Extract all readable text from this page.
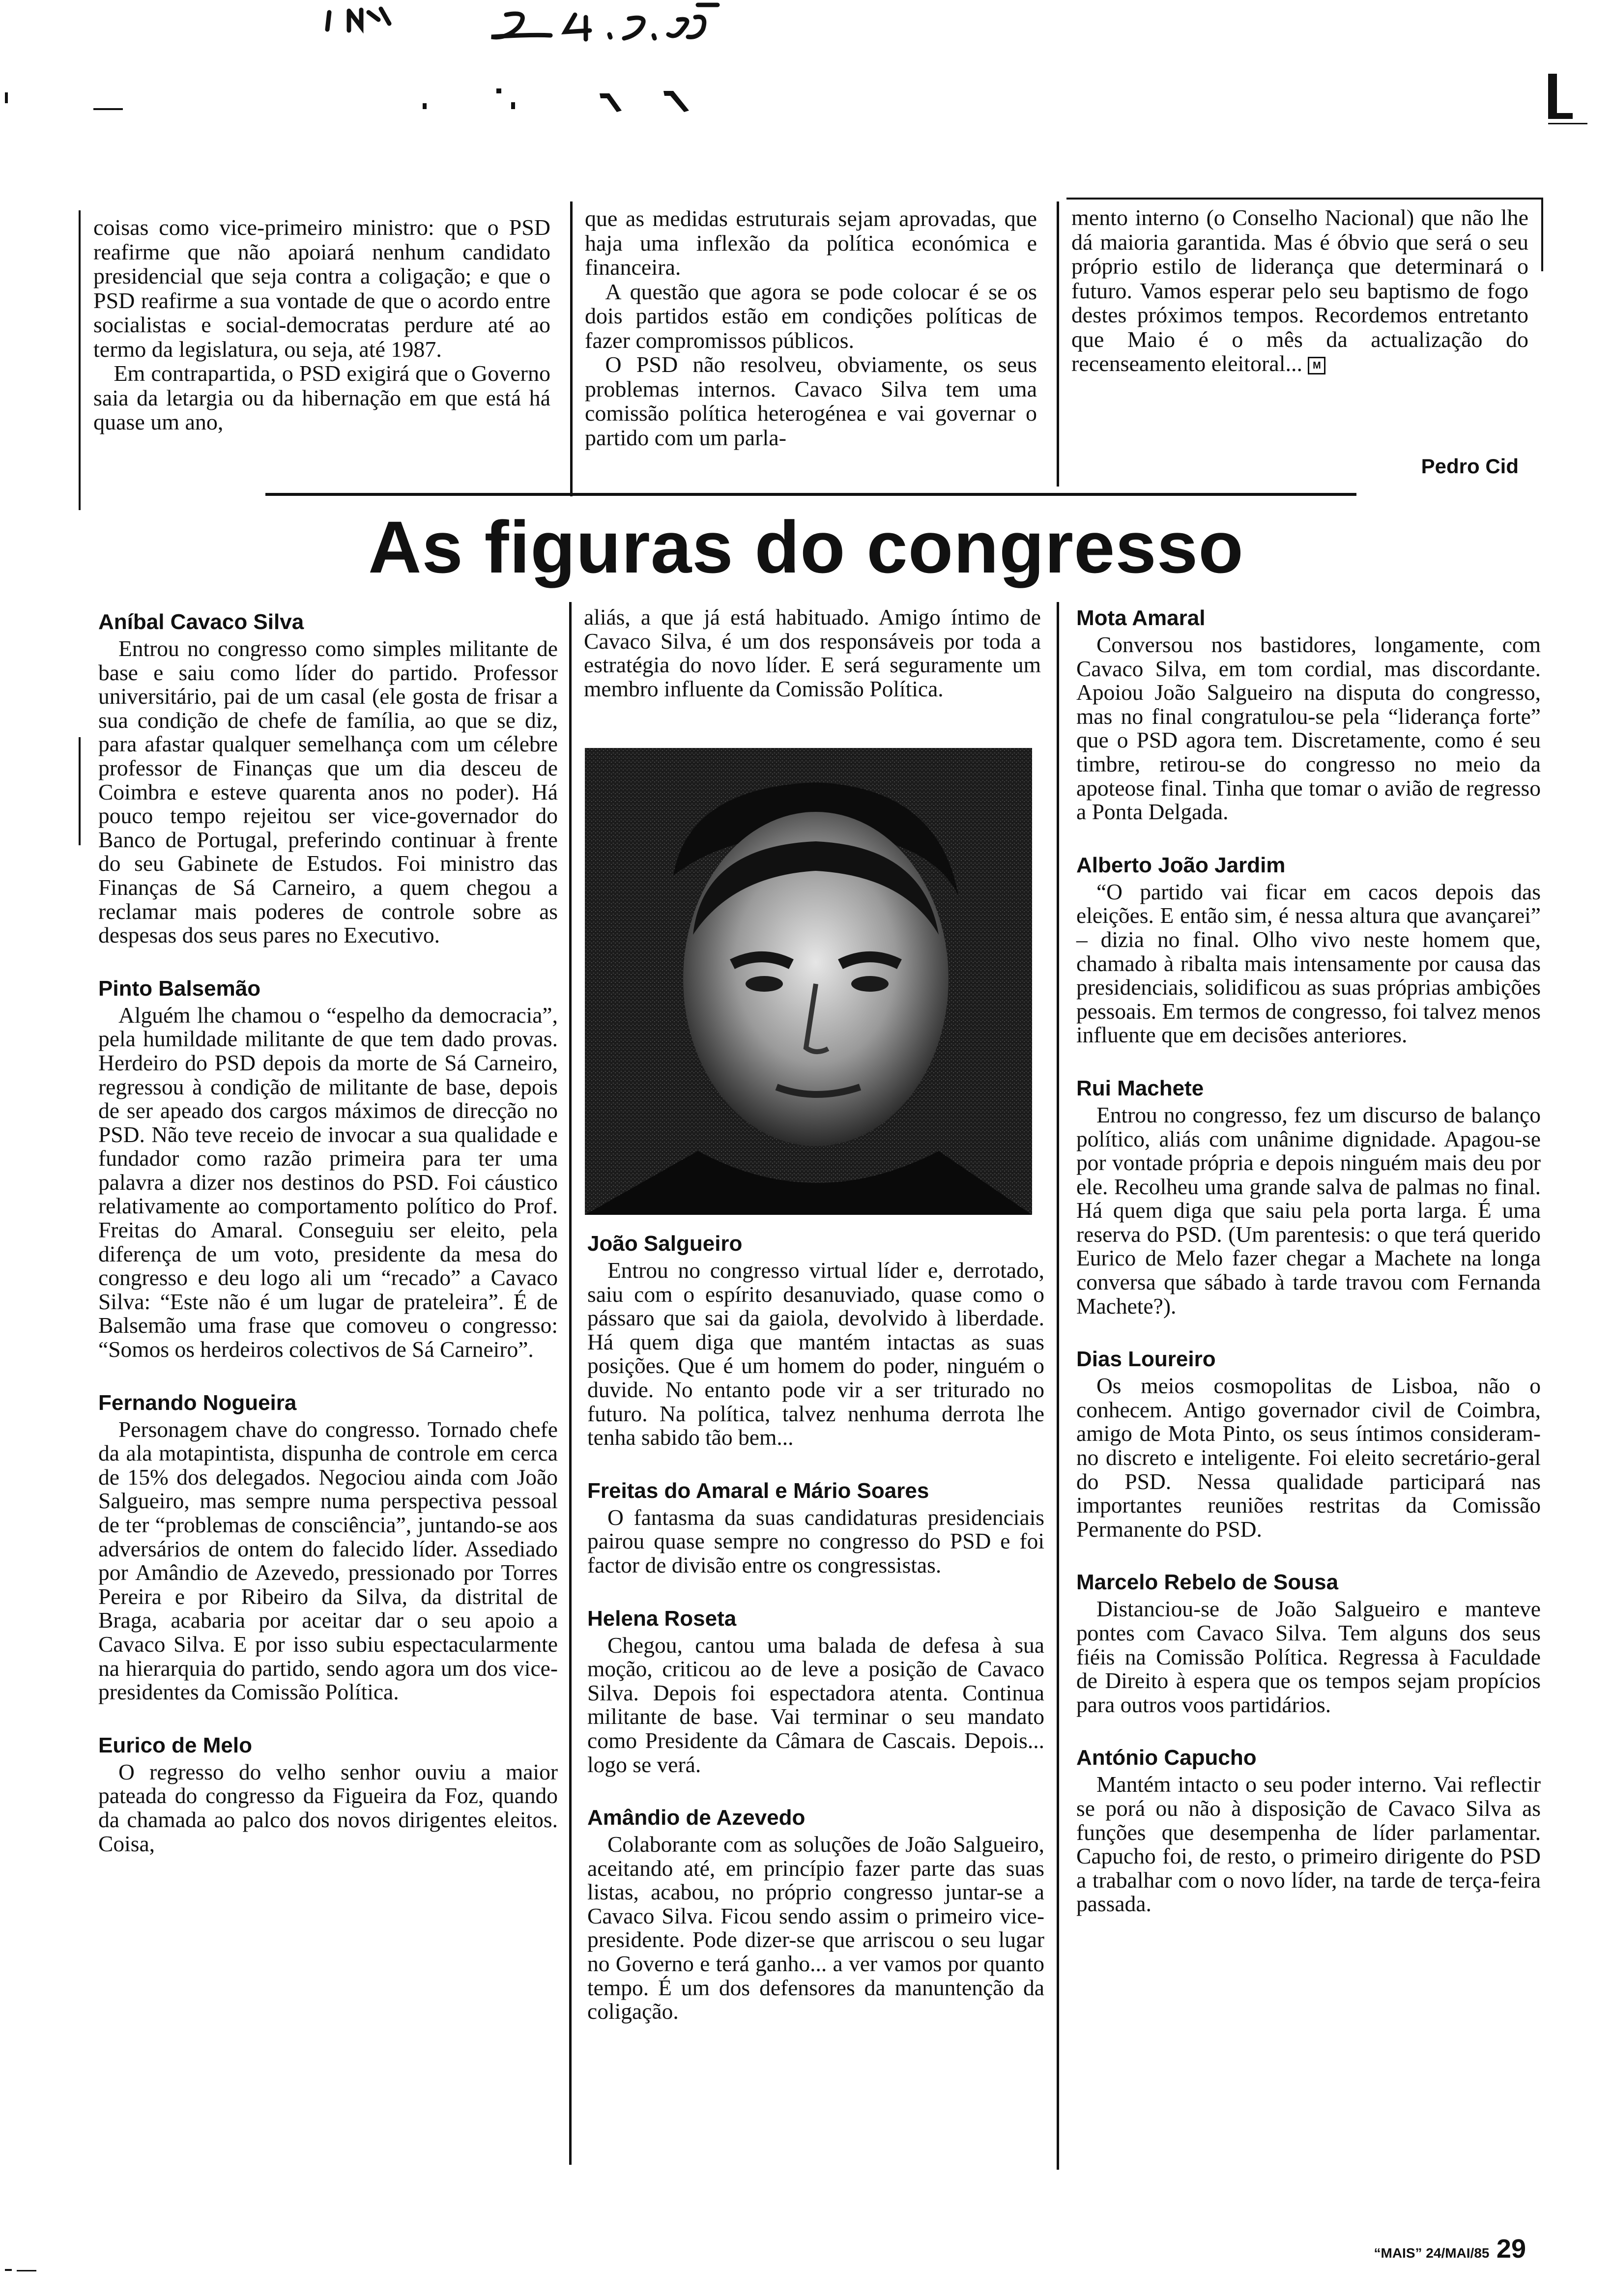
coisas como vice-primeiro ministro: que o PSD reafirme que não apoiará nenhum candidato presidencial que seja contra a coligação; e que o PSD reafirme a sua vontade de que o acordo entre socialistas e social-democratas perdure até ao termo da legislatura, ou seja, até 1987.

Em contrapartida, o PSD exigirá que o Governo saia da letargia ou da hibernação em que está há quase um ano,

que as medidas estruturais sejam aprovadas, que haja uma inflexão da política económica e financeira.

A questão que agora se pode colocar é se os dois partidos estão em condições políticas de fazer compromissos públicos.

O PSD não resolveu, obviamente, os seus problemas internos. Cavaco Silva tem uma comissão política heterogénea e vai governar o partido com um parla-

mento interno (o Conselho Nacional) que não lhe dá maioria garantida. Mas é óbvio que será o seu próprio estilo de liderança que determinará o futuro. Vamos esperar pelo seu baptismo de fogo destes próximos tempos. Recordemos entretanto que Maio é o mês da actualização do recenseamento eleitoral... M

Pedro Cid
As figuras do congresso
Aníbal Cavaco Silva

Entrou no congresso como simples militante de base e saiu como líder do partido. Professor universitário, pai de um casal (ele gosta de frisar a sua condição de chefe de família, ao que se diz, para afastar qualquer semelhança com um célebre professor de Finanças que um dia desceu de Coimbra e esteve quarenta anos no poder). Há pouco tempo rejeitou ser vice-governador do Banco de Portugal, preferindo continuar à frente do seu Gabinete de Estudos. Foi ministro das Finanças de Sá Carneiro, a quem chegou a reclamar mais poderes de controle sobre as despesas dos seus pares no Executivo.

Pinto Balsemão

Alguém lhe chamou o “espelho da democracia”, pela humildade militante de que tem dado provas. Herdeiro do PSD depois da morte de Sá Carneiro, regressou à condição de militante de base, depois de ser apeado dos cargos máximos de direcção no PSD. Não teve receio de invocar a sua qualidade e fundador como razão primeira para ter uma palavra a dizer nos destinos do PSD. Foi cáustico relativamente ao comportamento político do Prof. Freitas do Amaral. Conseguiu ser eleito, pela diferença de um voto, presidente da mesa do congresso e deu logo ali um “recado” a Cavaco Silva: “Este não é um lugar de prateleira”. É de Balsemão uma frase que comoveu o congresso: “Somos os herdeiros colectivos de Sá Carneiro”.

Fernando Nogueira

Personagem chave do congresso. Tornado chefe da ala motapintista, dispunha de controle em cerca de 15% dos delegados. Negociou ainda com João Salgueiro, mas sempre numa perspectiva pessoal de ter “problemas de consciência”, juntando-se aos adversários de ontem do falecido líder. Assediado por Amândio de Azevedo, pressionado por Torres Pereira e por Ribeiro da Silva, da distrital de Braga, acabaria por aceitar dar o seu apoio a Cavaco Silva. E por isso subiu espectacularmente na hierarquia do partido, sendo agora um dos vice-presidentes da Comissão Política.

Eurico de Melo

O regresso do velho senhor ouviu a maior pateada do congresso da Figueira da Foz, quando da chamada ao palco dos novos dirigentes eleitos. Coisa,

aliás, a que já está habituado. Amigo íntimo de Cavaco Silva, é um dos responsáveis por toda a estratégia do novo líder. E será seguramente um membro influente da Comissão Política.

João Salgueiro

Entrou no congresso virtual líder e, derrotado, saiu com o espírito desanuviado, quase como o pássaro que sai da gaiola, devolvido à liberdade. Há quem diga que mantém intactas as suas posições. Que é um homem do poder, ninguém o duvide. No entanto pode vir a ser triturado no futuro. Na política, talvez nenhuma derrota lhe tenha sabido tão bem...

Freitas do Amaral e Mário Soares

O fantasma da suas candidaturas presidenciais pairou quase sempre no congresso do PSD e foi factor de divisão entre os congressistas.

Helena Roseta

Chegou, cantou uma balada de defesa à sua moção, criticou ao de leve a posição de Cavaco Silva. Depois foi espectadora atenta. Continua militante de base. Vai terminar o seu mandato como Presidente da Câmara de Cascais. Depois... logo se verá.

Amândio de Azevedo

Colaborante com as soluções de João Salgueiro, aceitando até, em princípio fazer parte das suas listas, acabou, no próprio congresso juntar-se a Cavaco Silva. Ficou sendo assim o primeiro vice-presidente. Pode dizer-se que arriscou o seu lugar no Governo e terá ganho... a ver vamos por quanto tempo. É um dos defensores da manuntenção da coligação.

Mota Amaral

Conversou nos bastidores, longamente, com Cavaco Silva, em tom cordial, mas discordante. Apoiou João Salgueiro na disputa do congresso, mas no final congratulou-se pela “liderança forte” que o PSD agora tem. Discretamente, como é seu timbre, retirou-se do congresso no meio da apoteose final. Tinha que tomar o avião de regresso a Ponta Delgada.

Alberto João Jardim

“O partido vai ficar em cacos depois das eleições. E então sim, é nessa altura que avançarei” – dizia no final. Olho vivo neste homem que, chamado à ribalta mais intensamente por causa das presidenciais, solidificou as suas próprias ambições pessoais. Em termos de congresso, foi talvez menos influente que em decisões anteriores.

Rui Machete

Entrou no congresso, fez um discurso de balanço político, aliás com unânime dignidade. Apagou-se por vontade própria e depois ninguém mais deu por ele. Recolheu uma grande salva de palmas no final. Há quem diga que saiu pela porta larga. É uma reserva do PSD. (Um parentesis: o que terá querido Eurico de Melo fazer chegar a Machete na longa conversa que sábado à tarde travou com Fernanda Machete?).

Dias Loureiro

Os meios cosmopolitas de Lisboa, não o conhecem. Antigo governador civil de Coimbra, amigo de Mota Pinto, os seus íntimos consideram-no discreto e inteligente. Foi eleito secretário-geral do PSD. Nessa qualidade participará nas importantes reuniões restritas da Comissão Permanente do PSD.

Marcelo Rebelo de Sousa

Distanciou-se de João Salgueiro e manteve pontes com Cavaco Silva. Tem alguns dos seus fiéis na Comissão Política. Regressa à Faculdade de Direito à espera que os tempos sejam propícios para outros voos partidários.

António Capucho

Mantém intacto o seu poder interno. Vai reflectir se porá ou não à disposição de Cavaco Silva as funções que desempenha de líder parlamentar. Capucho foi, de resto, o primeiro dirigente do PSD a trabalhar com o novo líder, na tarde de terça-feira passada.

“MAIS” 24/MAI/85 29
